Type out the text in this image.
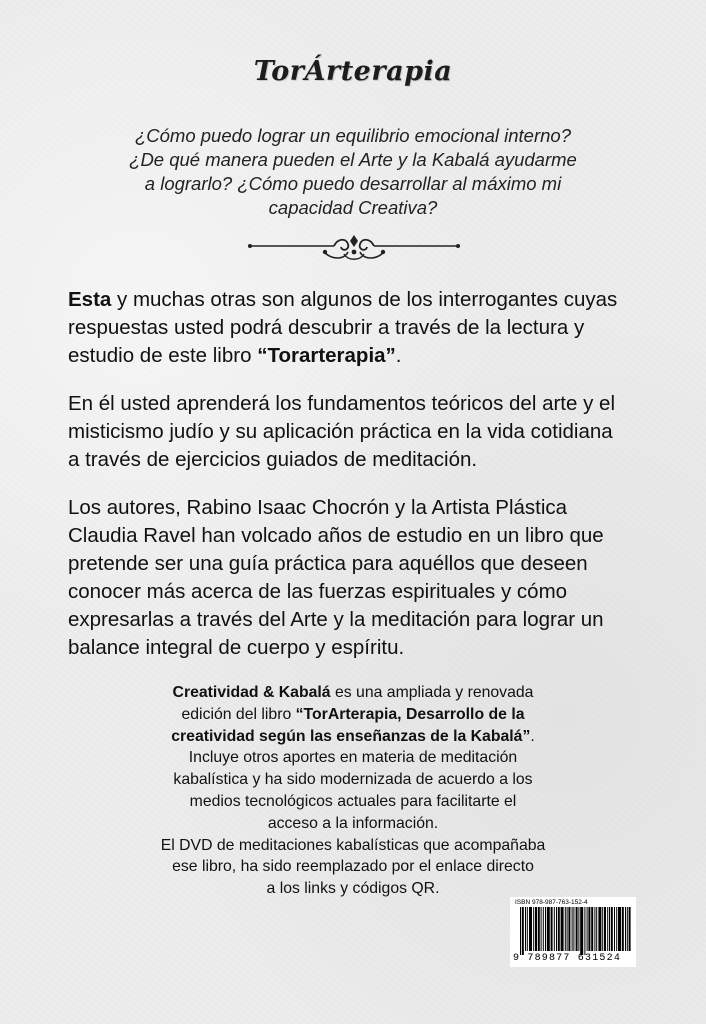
TorÁrterapia
¿Cómo puedo lograr un equilibrio emocional interno?
¿De qué manera pueden el Arte y la Kabalá ayudarme
a lograrlo? ¿Cómo puedo desarrollar al máximo mi
capacidad Creativa?

Esta y muchas otras son algunos de los interrogantes cuyas
respuestas usted podrá descubrir a través de la lectura y
estudio de este libro “Torarterapia”.

En él usted aprenderá los fundamentos teóricos del arte y el
misticismo judío y su aplicación práctica en la vida cotidiana
a través de ejercicios guiados de meditación.

Los autores, Rabino Isaac Chocrón y la Artista Plástica
Claudia Ravel han volcado años de estudio en un libro que
pretende ser una guía práctica para aquéllos que deseen
conocer más acerca de las fuerzas espirituales y cómo
expresarlas a través del Arte y la meditación para lograr un
balance integral de cuerpo y espíritu.

Creatividad & Kabalá es una ampliada y renovada
edición del libro “TorArterapia, Desarrollo de la
creatividad según las enseñanzas de la Kabalá”.
Incluye otros aportes en materia de meditación
kabalística y ha sido modernizada de acuerdo a los
medios tecnológicos actuales para facilitarte el
acceso a la información.
El DVD de meditaciones kabalísticas que acompañaba
ese libro, ha sido reemplazado por el enlace directo
a los links y códigos QR.
ISBN 978-987-763-152-4
9 789877 631524
